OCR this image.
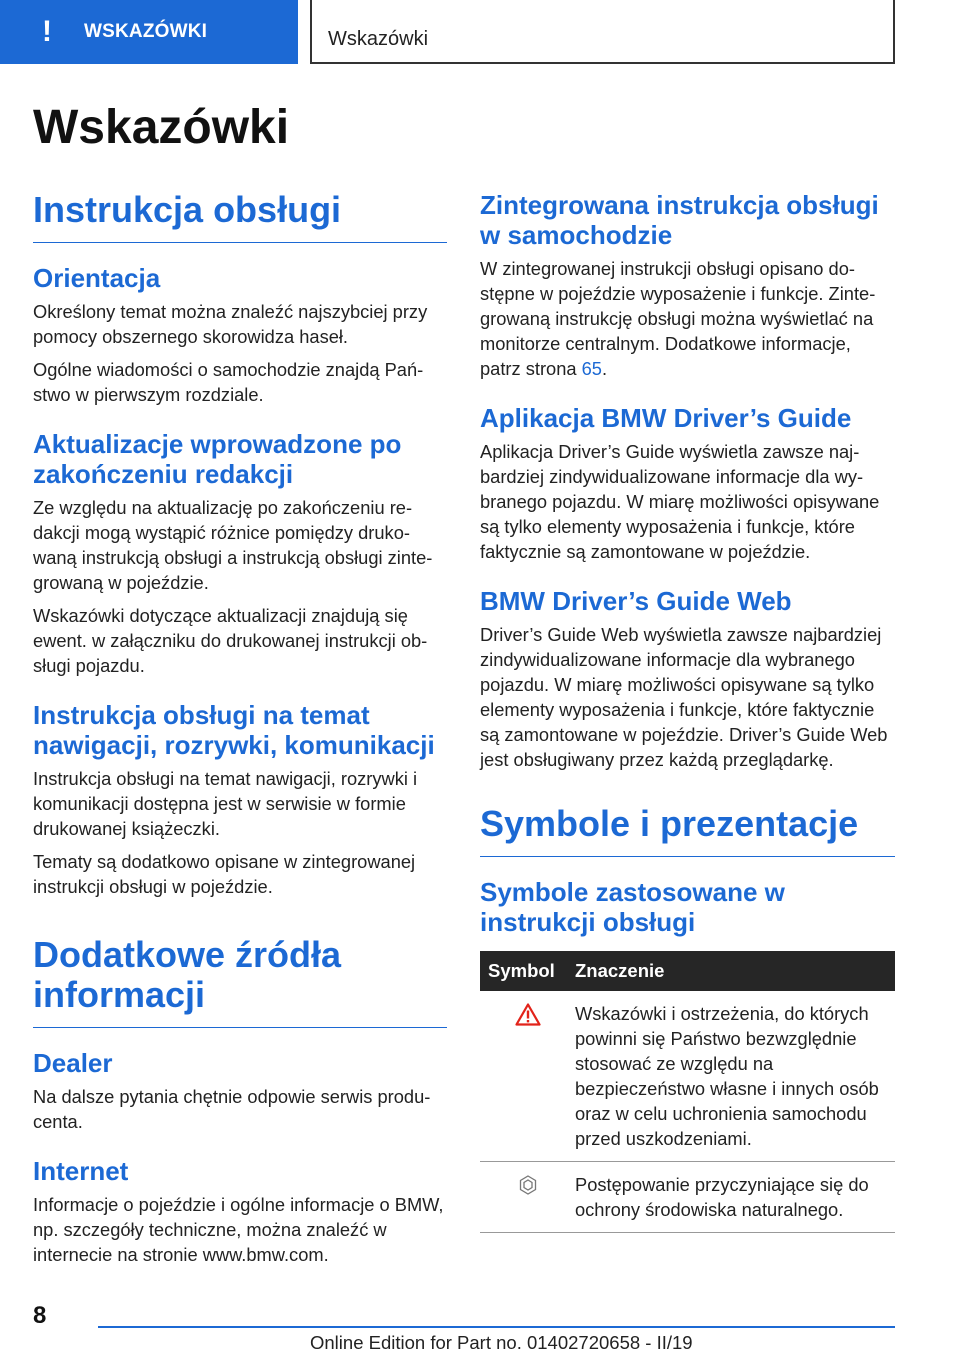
!	WSKAZÓWKI	Wskazówki
Wskazówki
Instrukcja obsługi
Orientacja

Określony temat można znaleźć najszybciej przy pomocy obszernego skorowidza haseł.

Ogólne wiadomości o samochodzie znajdą Państwo w pierwszym rozdziale.

Aktualizacje wprowadzone po zakończeniu redakcji

Ze względu na aktualizację po zakończeniu redakcji mogą wystąpić różnice pomiędzy drukowaną instrukcją obsługi a instrukcją obsługi zintegrowaną w pojeździe.

Wskazówki dotyczące aktualizacji znajdują się ewent. w załączniku do drukowanej instrukcji obsługi pojazdu.

Instrukcja obsługi na temat nawigacji, rozrywki, komunikacji

Instrukcja obsługi na temat nawigacji, rozrywki i komunikacji dostępna jest w serwisie w formie drukowanej książeczki.

Tematy są dodatkowo opisane w zintegrowanej instrukcji obsługi w pojeździe.

Dodatkowe źródła informacji
Dealer

Na dalsze pytania chętnie odpowie serwis producenta.

Internet

Informacje o pojeździe i ogólne informacje o BMW, np. szczegóły techniczne, można znaleźć w internecie na stronie www.bmw.com.

Zintegrowana instrukcja obsługi w samochodzie

W zintegrowanej instrukcji obsługi opisano dostępne w pojeździe wyposażenie i funkcje. Zintegrowaną instrukcję obsługi można wyświetlać na monitorze centralnym. Dodatkowe informacje, patrz strona 65.

Aplikacja BMW Driver’s Guide

Aplikacja Driver’s Guide wyświetla zawsze najbardziej zindywidualizowane informacje dla wybranego pojazdu. W miarę możliwości opisywane są tylko elementy wyposażenia i funkcje, które faktycznie są zamontowane w pojeździe.

BMW Driver’s Guide Web

Driver’s Guide Web wyświetla zawsze najbardziej zindywidualizowane informacje dla wybranego pojazdu. W miarę możliwości opisywane są tylko elementy wyposażenia i funkcje, które faktycznie są zamontowane w pojeździe. Driver’s Guide Web jest obsługiwany przez każdą przeglądarkę.

Symbole i prezentacje
Symbole zastosowane w instrukcji obsługi
Symbol	Znaczenie
Wskazówki i ostrzeżenia, do których powinni się Państwo bezwzględnie stosować ze względu na bezpieczeństwo własne i innych osób oraz w celu uchronienia samochodu przed uszkodzeniami.
Postępowanie przyczyniające się do ochrony środowiska naturalnego.
8
Online Edition for Part no. 01402720658 - II/19
